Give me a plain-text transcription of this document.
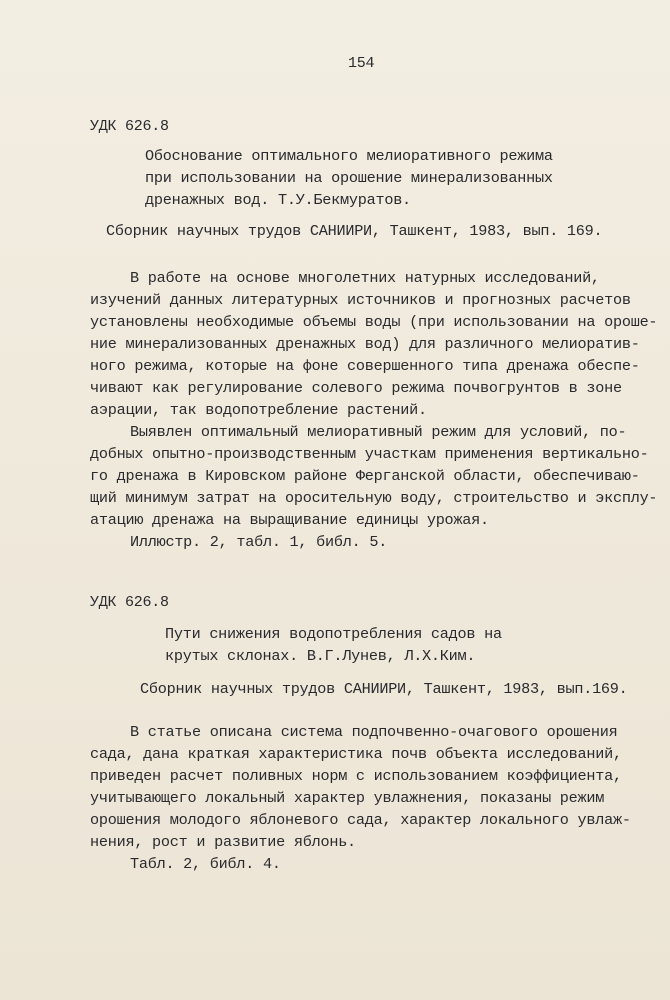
154
УДК 626.8
Обоснование оптимального мелиоративного режима
при использовании на орошение минерализованных
дренажных вод. Т.У.Бекмуратов.
Сборник научных трудов САНИИРИ, Ташкент, 1983, вып. 169.
В работе на основе многолетних натурных исследований,
изучений данных литературных источников и прогнозных расчетов
установлены необходимые объемы воды (при использовании на ороше-
ние минерализованных дренажных вод) для различного мелиоратив-
ного режима, которые на фоне совершенного типа дренажа обеспе-
чивают как регулирование солевого режима почвогрунтов в зоне
аэрации, так водопотребление растений.
Выявлен оптимальный мелиоративный режим для условий, по-
добных опытно-производственным участкам применения вертикально-
го дренажа в Кировском районе Ферганской области, обеспечиваю-
щий минимум затрат на оросительную воду, строительство и эксплу-
атацию дренажа на выращивание единицы урожая.
Иллюстр. 2, табл. 1, библ. 5.
УДК 626.8
Пути снижения водопотребления садов на
крутых склонах. В.Г.Лунев, Л.Х.Ким.
Сборник научных трудов САНИИРИ, Ташкент, 1983, вып.169.
В статье описана система подпочвенно-очагового орошения
сада, дана краткая характеристика почв объекта исследований,
приведен расчет поливных норм с использованием коэффициента,
учитывающего локальный характер увлажнения, показаны режим
орошения молодого яблоневого сада, характер локального увлаж-
нения, рост и развитие яблонь.
Табл. 2, библ. 4.
